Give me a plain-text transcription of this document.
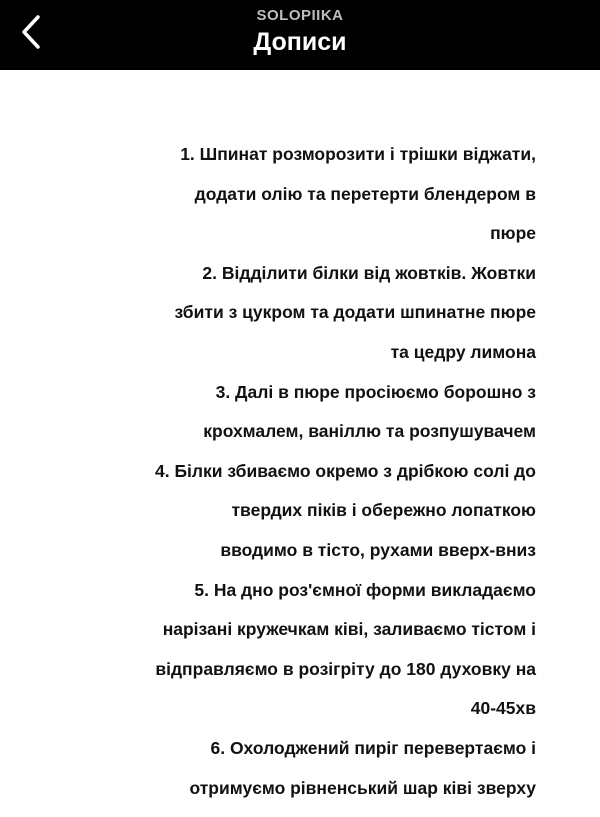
SOLOPIIKA
Дописи
1. Шпинат розморозити і трішки віджати,
додати олію та перетерти блендером в
пюре
2. Відділити білки від жовтків. Жовтки
збити з цукром та додати шпинатне пюре
та цедру лимона
3. Далі в пюре просіюємо борошно з
крохмалем, ваніллю та розпушувачем
4. Білки збиваємо окремо з дрібкою солі до
твердих піків і обережно лопаткою
вводимо в тісто, рухами вверх-вниз
5. На дно роз'ємної форми викладаємо
нарізані кружечкам ківі, заливаємо тістом і
відправляємо в розігріту до 180 духовку на
40-45хв
6. Охолоджений пиріг перевертаємо і
отримуємо рівненський шар ківі зверху
